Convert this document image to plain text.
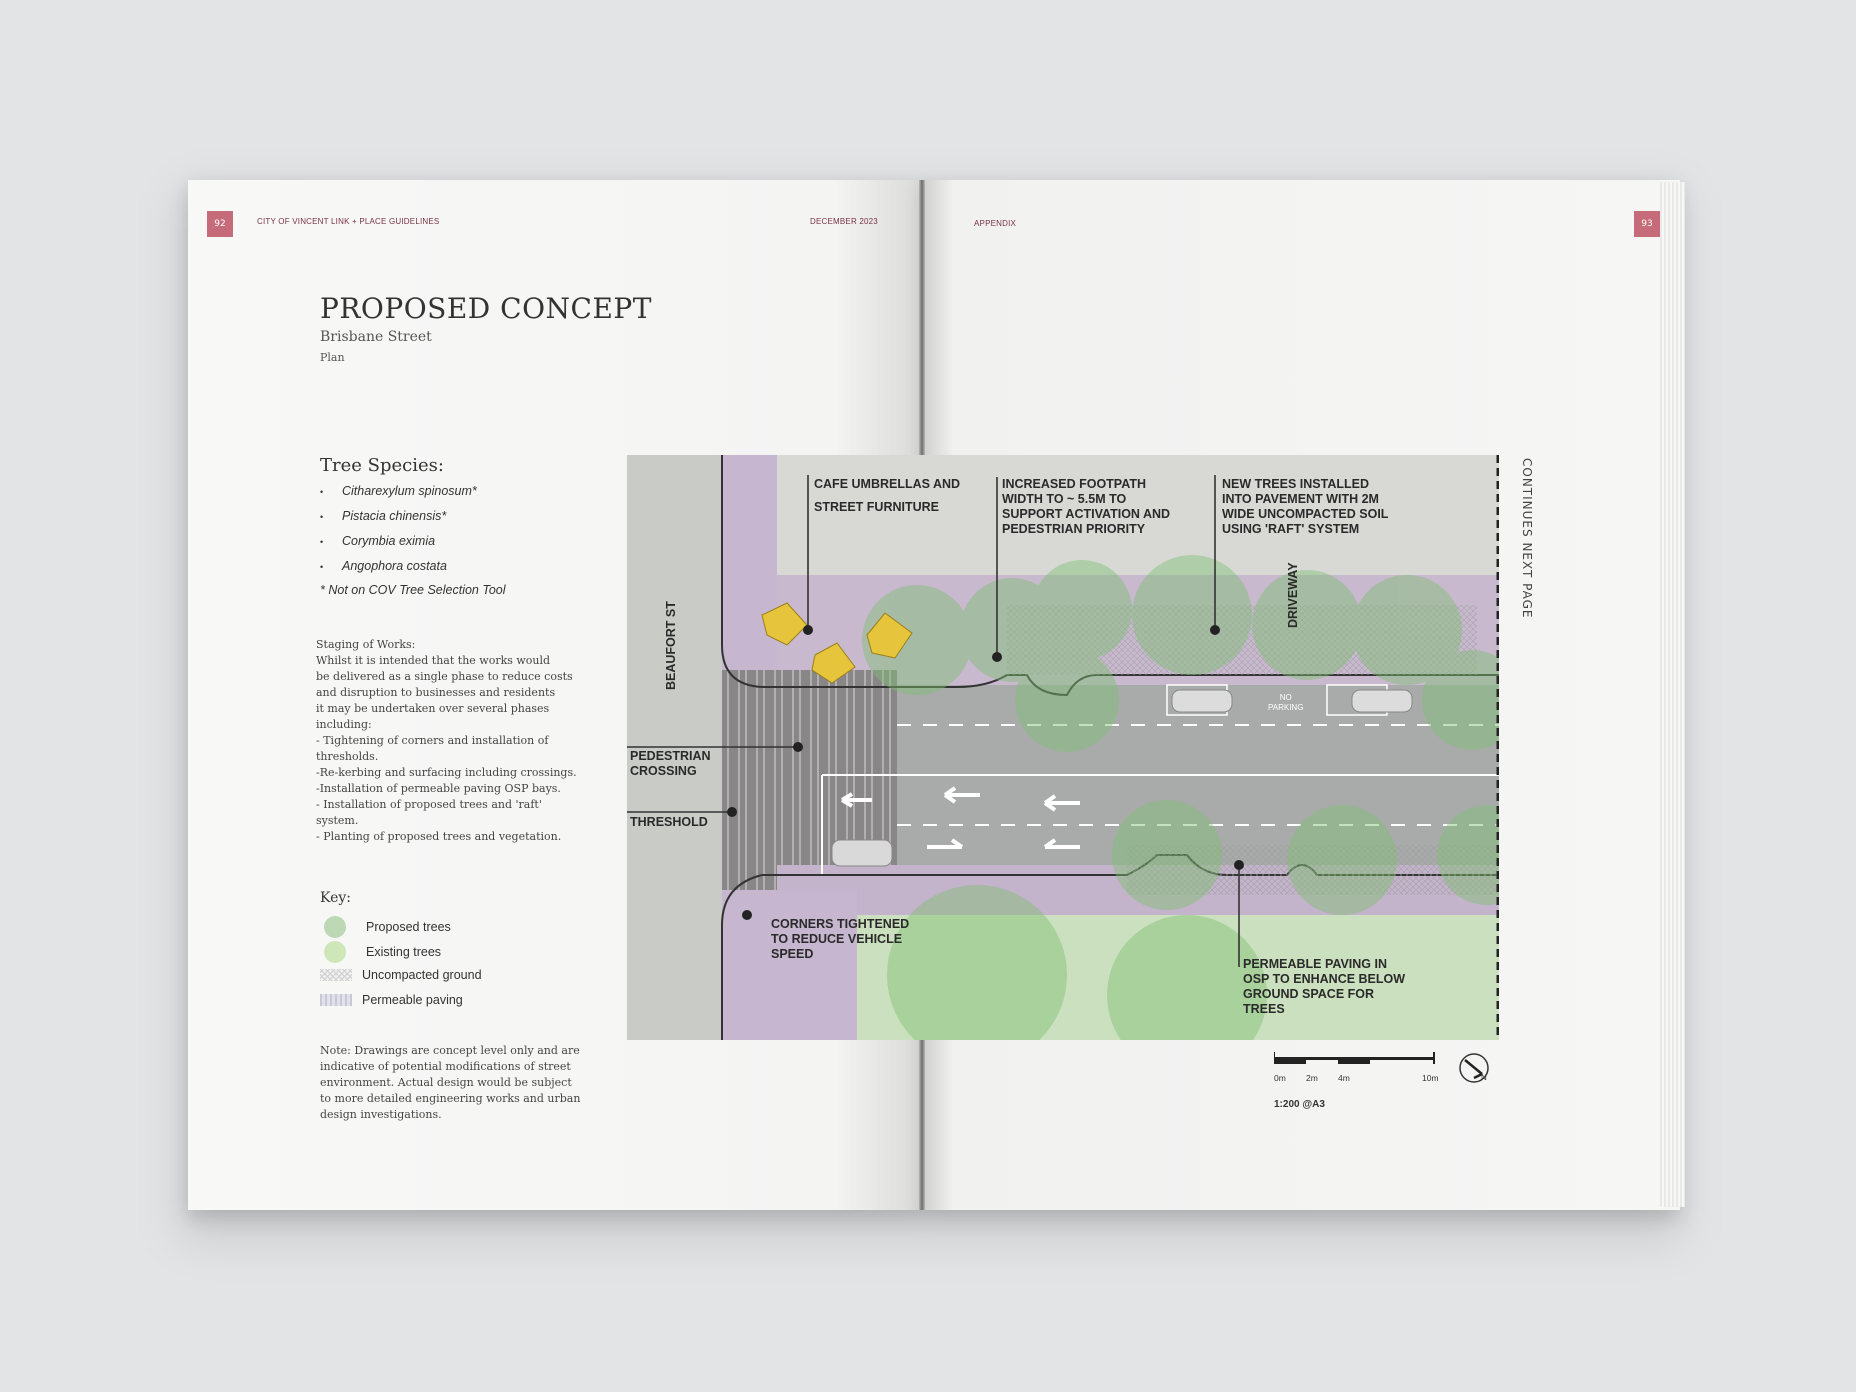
92	CITY OF VINCENT LINK + PLACE GUIDELINES	DECEMBER 2023	APPENDIX	93
PROPOSED CONCEPT
Brisbane Street
Plan
Tree Species:
• Citharexylum spinosum*
• Pistacia chinensis*
• Corymbia eximia
• Angophora costata
* Not on COV Tree Selection Tool
Staging of Works:
Whilst it is intended that the works would
be delivered as a single phase to reduce costs
and disruption to businesses and residents
it may be undertaken over several phases
including:
- Tightening of corners and installation of
thresholds.
-Re-kerbing and surfacing including crossings.
-Installation of permeable paving OSP bays.
- Installation of proposed trees and 'raft'
system.
- Planting of proposed trees and vegetation.
Key:
Proposed trees
Existing trees
Uncompacted ground
Permeable paving
Note: Drawings are concept level only and are
indicative of potential modifications of street
environment. Actual design would be subject
to more detailed engineering works and urban
design investigations.
CAFE UMBRELLAS AND
STREET FURNITURE
INCREASED FOOTPATH
WIDTH TO ~ 5.5M TO
SUPPORT ACTIVATION AND
PEDESTRIAN PRIORITY
NEW TREES INSTALLED
INTO PAVEMENT WITH 2M
WIDE UNCOMPACTED SOIL
USING 'RAFT' SYSTEM
PEDESTRIAN
CROSSING
THRESHOLD
CORNERS TIGHTENED
TO REDUCE VEHICLE
SPEED
PERMEABLE PAVING IN
OSP TO ENHANCE BELOW
GROUND SPACE FOR
TREES
BEAUFORT ST
DRIVEWAY
NO
PARKING
CONTINUES NEXT PAGE
0m 2m 4m	10m
1:200 @A3
N
